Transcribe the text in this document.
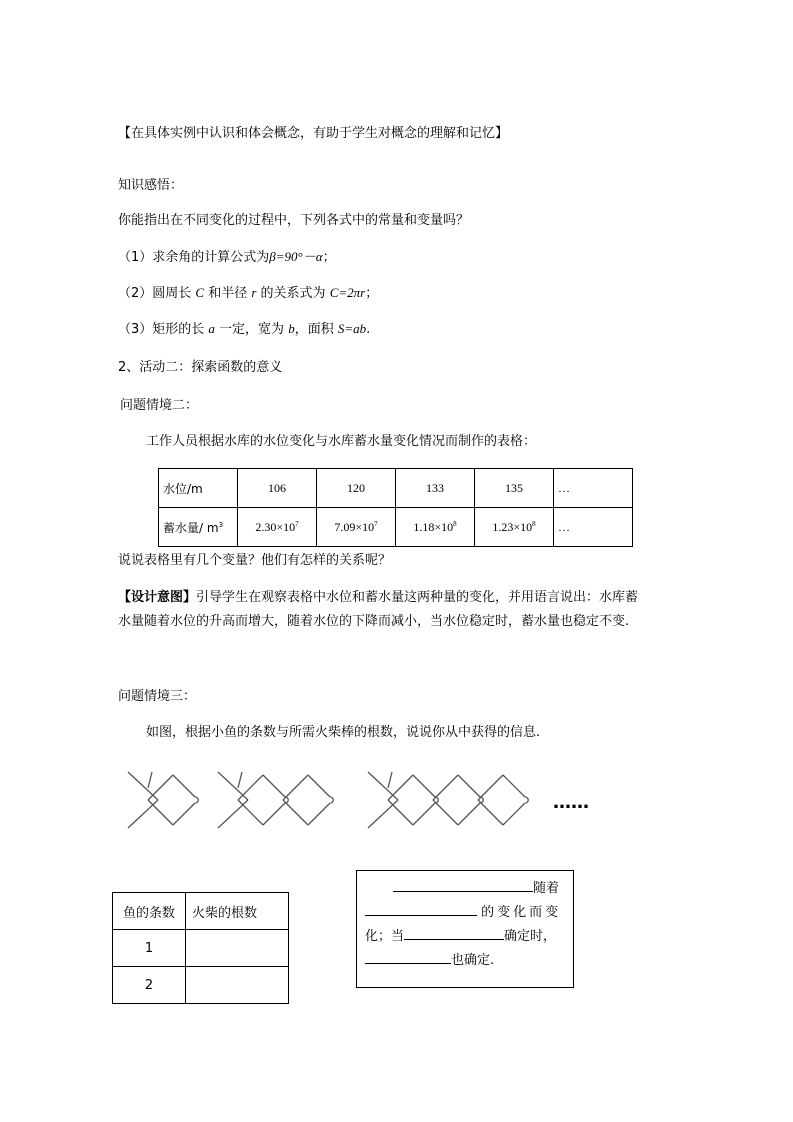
【在具体实例中认识和体会概念，有助于学生对概念的理解和记忆】
知识感悟：
你能指出在不同变化的过程中，下列各式中的常量和变量吗？
（1）求余角的计算公式为β=90°－α；
（2）圆周长 C 和半径 r 的关系式为 C=2πr；
（3）矩形的长 a 一定，宽为 b，面积 S=ab.
2、活动二：探索函数的意义
问题情境二：
工作人员根据水库的水位变化与水库蓄水量变化情况而制作的表格：
水位/m	106	120	133	135	…
蓄水量/ $m^3$	$2.30\times 10^7$	$7.09\times 10^7$	$1.18\times 10^8$	$1.23\times 10^8$	…
说说表格里有几个变量？他们有怎样的关系呢？
【设计意图】引导学生在观察表格中水位和蓄水量这两种量的变化，并用语言说出：水库蓄
水量随着水位的升高而增大，随着水位的下降而减小，当水位稳定时，蓄水量也稳定不变.
问题情境三：
如图，根据小鱼的条数与所需火柴棒的根数，说说你从中获得的信息.
……
鱼的条数	火柴的根数
1	
2	
随着
的变化而变
化；当	确定时，
也确定.
